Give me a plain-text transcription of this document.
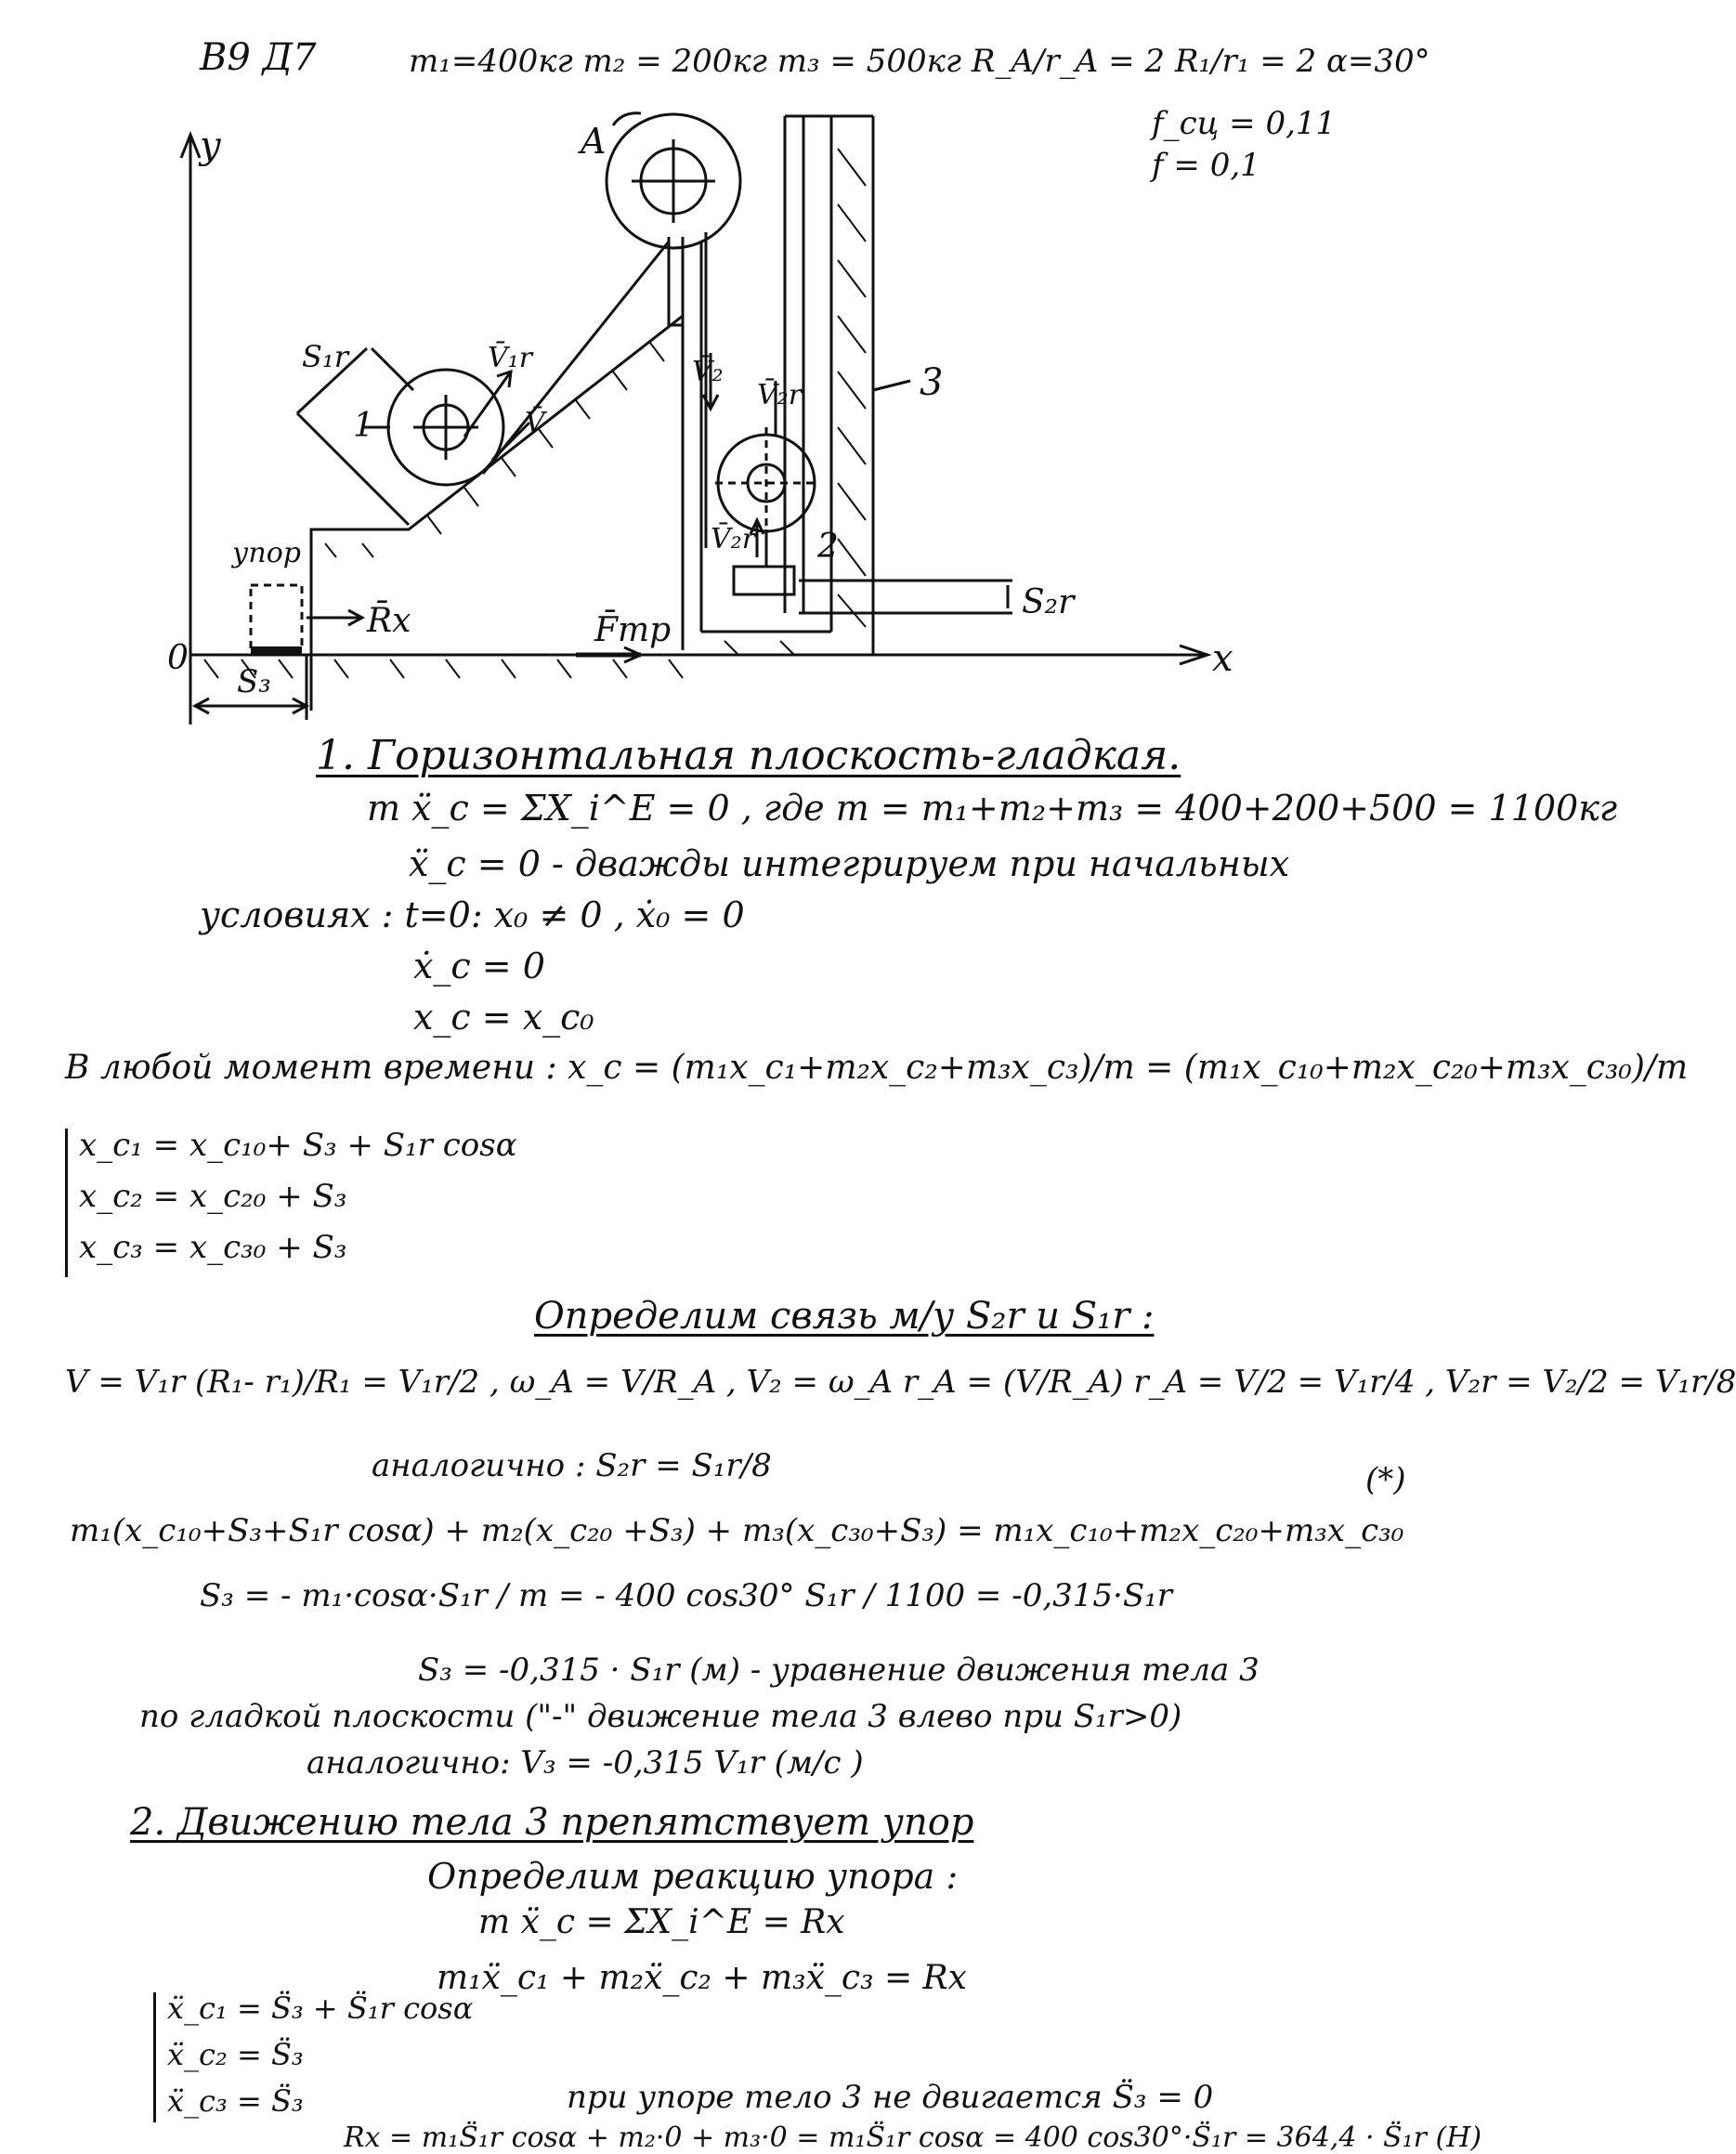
y
x
0
A
1
2
3
S₁r	V̄₁r
V̄
V̄₂
V̄₂r
V̄₂r
S₂r
упор
R̄x	F̄тр
S₃
В9 Д7	m₁=400кг m₂ = 200кг m₃ = 500кг R_A/r_A = 2 R₁/r₁ = 2 α=30°
f_сц = 0,11
f = 0,1
1. Горизонтальная плоскость-гладкая.
m ẍ_c = ΣX_i^E = 0 , где m = m₁+m₂+m₃ = 400+200+500 = 1100кг
ẍ_c = 0 - дважды интегрируем при начальных
условиях : t=0: x₀ ≠ 0 , ẋ₀ = 0
ẋ_c = 0
x_c = x_c₀
В любой момент времени : x_c = (m₁x_c₁+m₂x_c₂+m₃x_c₃)/m = (m₁x_c₁₀+m₂x_c₂₀+m₃x_c₃₀)/m
x_c₁ = x_c₁₀+ S₃ + S₁r cosα
x_c₂ = x_c₂₀ + S₃
x_c₃ = x_c₃₀ + S₃
Определим связь м/у S₂r и S₁r :
V = V₁r (R₁- r₁)/R₁ = V₁r/2 , ω_A = V/R_A , V₂ = ω_A r_A = (V/R_A) r_A = V/2 = V₁r/4 , V₂r = V₂/2 = V₁r/8
аналогично : S₂r = S₁r/8	(*)
m₁(x_c₁₀+S₃+S₁r cosα) + m₂(x_c₂₀ +S₃) + m₃(x_c₃₀+S₃) = m₁x_c₁₀+m₂x_c₂₀+m₃x_c₃₀
S₃ = - m₁·cosα·S₁r / m = - 400 cos30° S₁r / 1100 = -0,315·S₁r
S₃ = -0,315 · S₁r (м) - уравнение движения тела 3
по гладкой плоскости ("-" движение тела 3 влево при S₁r>0)
аналогично: V₃ = -0,315 V₁r (м/с )
2. Движению тела 3 препятствует упор
Определим реакцию упора :
m ẍ_c = ΣX_i^E = Rx
m₁ẍ_c₁ + m₂ẍ_c₂ + m₃ẍ_c₃ = Rx
ẍ_c₁ = S̈₃ + S̈₁r cosα
ẍ_c₂ = S̈₃
ẍ_c₃ = S̈₃	при упоре тело 3 не двигается S̈₃ = 0
Rx = m₁S̈₁r cosα + m₂·0 + m₃·0 = m₁S̈₁r cosα = 400 cos30°·S̈₁r = 364,4 · S̈₁r (Н)
